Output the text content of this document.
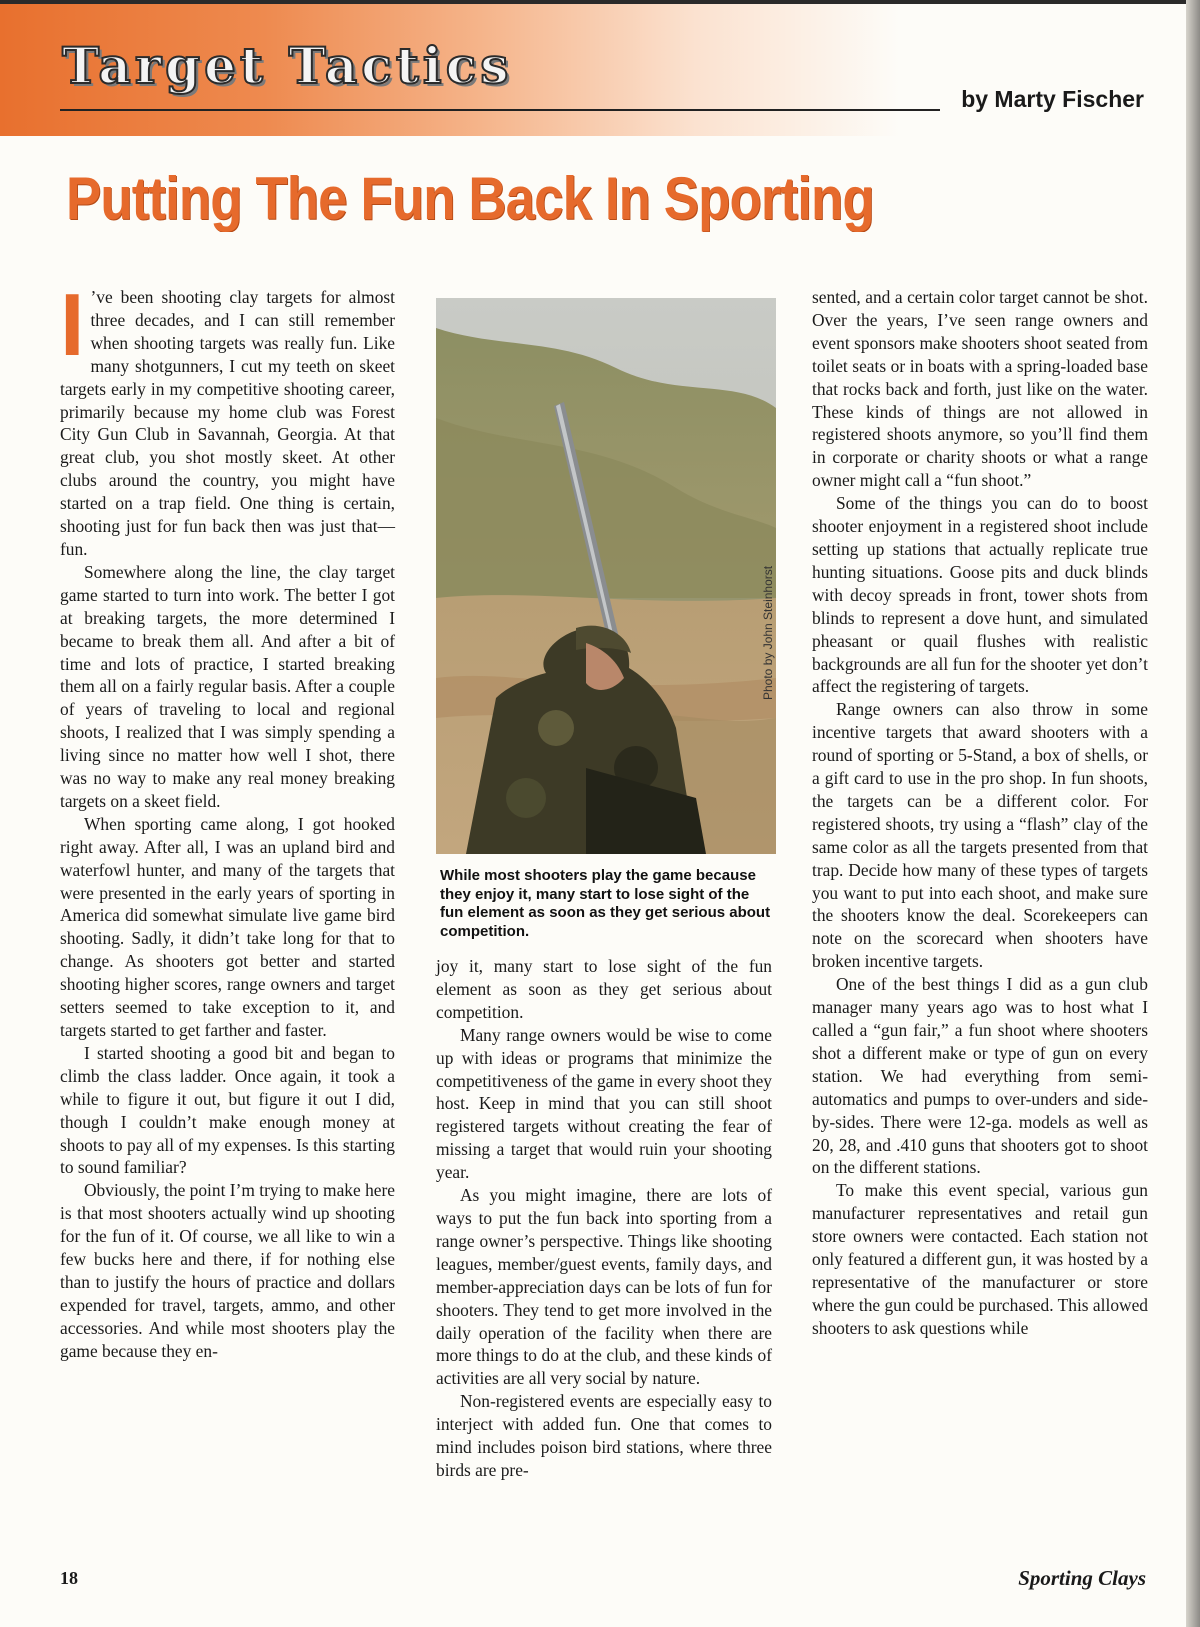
Target Tactics
by Marty Fischer
Putting The Fun Back In Sporting

I ’ve been shooting clay targets for almost three decades, and I can still remember when shooting targets was really fun. Like many shotgunners, I cut my teeth on skeet targets early in my competitive shooting career, primarily because my home club was Forest City Gun Club in Savannah, Georgia. At that great club, you shot mostly skeet. At other clubs around the country, you might have started on a trap field. One thing is certain, shooting just for fun back then was just that—fun.

Somewhere along the line, the clay target game started to turn into work. The better I got at breaking targets, the more determined I became to break them all. And after a bit of time and lots of practice, I started breaking them all on a fairly regular basis. After a couple of years of traveling to local and regional shoots, I realized that I was simply spending a living since no matter how well I shot, there was no way to make any real money breaking targets on a skeet field.

When sporting came along, I got hooked right away. After all, I was an upland bird and waterfowl hunter, and many of the targets that were presented in the early years of sporting in America did somewhat simulate live game bird shooting. Sadly, it didn’t take long for that to change. As shooters got better and started shooting higher scores, range owners and target setters seemed to take exception to it, and targets started to get farther and faster.

I started shooting a good bit and began to climb the class ladder. Once again, it took a while to figure it out, but figure it out I did, though I couldn’t make enough money at shoots to pay all of my expenses. Is this starting to sound familiar?

Obviously, the point I’m trying to make here is that most shooters actually wind up shooting for the fun of it. Of course, we all like to win a few bucks here and there, if for nothing else than to justify the hours of practice and dollars expended for travel, targets, ammo, and other accessories. And while most shooters play the game because they en-

Photo by John Steinhorst
While most shooters play the game because they enjoy it, many start to lose sight of the fun element as soon as they get serious about competition.

joy it, many start to lose sight of the fun element as soon as they get serious about competition.

Many range owners would be wise to come up with ideas or programs that minimize the competitiveness of the game in every shoot they host. Keep in mind that you can still shoot registered targets without creating the fear of missing a target that would ruin your shooting year.

As you might imagine, there are lots of ways to put the fun back into sporting from a range owner’s perspective. Things like shooting leagues, member/guest events, family days, and member-appreciation days can be lots of fun for shooters. They tend to get more involved in the daily operation of the facility when there are more things to do at the club, and these kinds of activities are all very social by nature.

Non-registered events are especially easy to interject with added fun. One that comes to mind includes poison bird stations, where three birds are pre-

sented, and a certain color target cannot be shot. Over the years, I’ve seen range owners and event sponsors make shooters shoot seated from toilet seats or in boats with a spring-loaded base that rocks back and forth, just like on the water. These kinds of things are not allowed in registered shoots anymore, so you’ll find them in corporate or charity shoots or what a range owner might call a “fun shoot.”

Some of the things you can do to boost shooter enjoyment in a registered shoot include setting up stations that actually replicate true hunting situations. Goose pits and duck blinds with decoy spreads in front, tower shots from blinds to represent a dove hunt, and simulated pheasant or quail flushes with realistic backgrounds are all fun for the shooter yet don’t affect the registering of targets.

Range owners can also throw in some incentive targets that award shooters with a round of sporting or 5-Stand, a box of shells, or a gift card to use in the pro shop. In fun shoots, the targets can be a different color. For registered shoots, try using a “flash” clay of the same color as all the targets presented from that trap. Decide how many of these types of targets you want to put into each shoot, and make sure the shooters know the deal. Scorekeepers can note on the scorecard when shooters have broken incentive targets.

One of the best things I did as a gun club manager many years ago was to host what I called a “gun fair,” a fun shoot where shooters shot a different make or type of gun on every station. We had everything from semi-automatics and pumps to over-unders and side-by-sides. There were 12-ga. models as well as 20, 28, and .410 guns that shooters got to shoot on the different stations.

To make this event special, various gun manufacturer representatives and retail gun store owners were contacted. Each station not only featured a different gun, it was hosted by a representative of the manufacturer or store where the gun could be purchased. This allowed shooters to ask questions while

18	Sporting Clays
